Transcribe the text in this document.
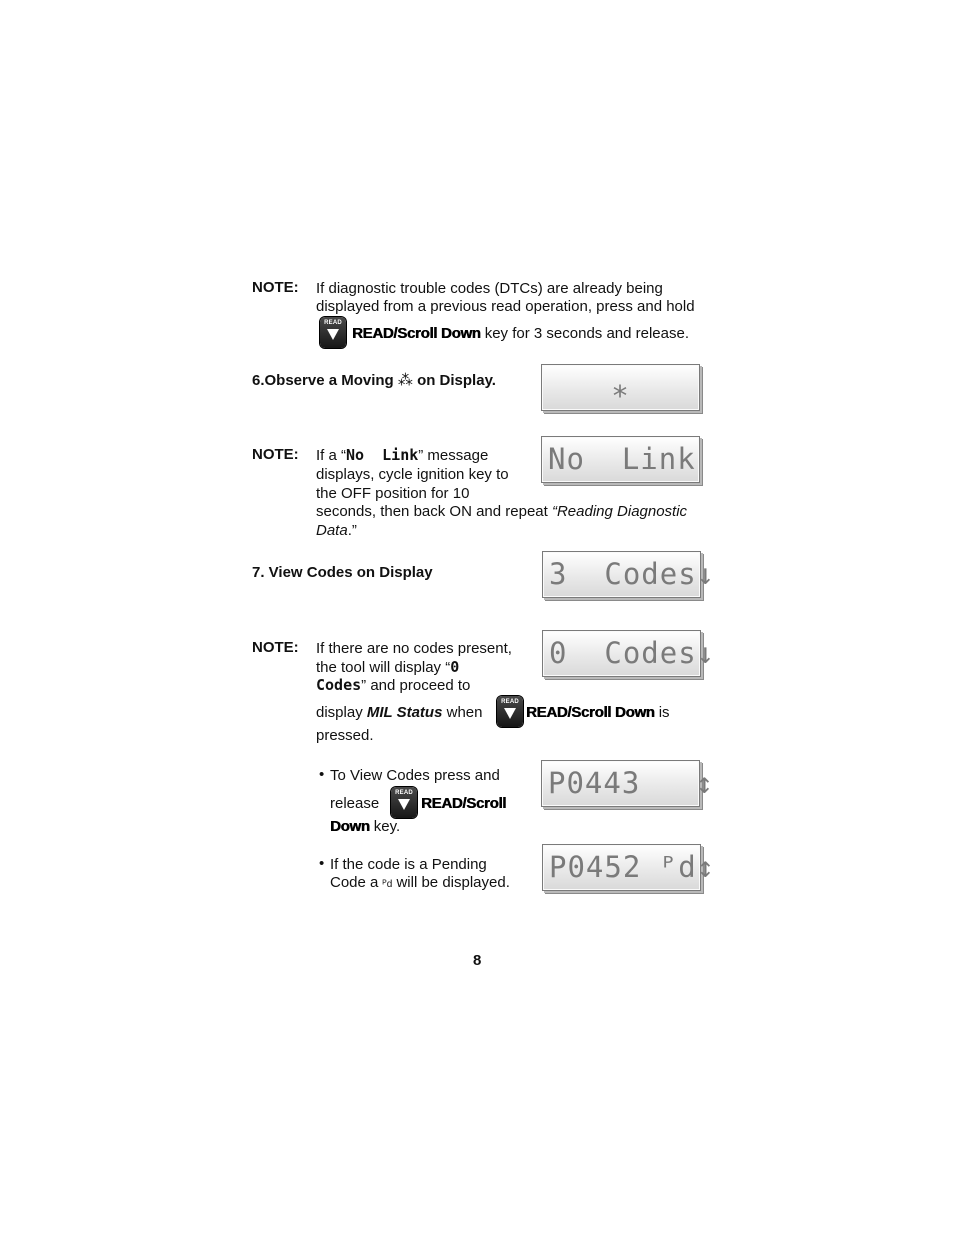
NOTE: If diagnostic trouble codes (DTCs) are already being
displayed from a previous read operation, press and hold
READ
READ/Scroll Down key for 3 seconds and release.
6.Observe a Moving ⁂ on Display.	⁎
NOTE: If a “No  Link” message
displays, cycle ignition key to
the OFF position for 10
seconds, then back ON and repeat “Reading Diagnostic
Data.”
No  Link
7. View Codes on Display	3  Codes↓
NOTE: If there are no codes present,
the tool will display “0
Codes” and proceed to
display MIL Status when
READ
READ/Scroll Down is
pressed.
0  Codes↓
• To View Codes press and
release
READ
READ/Scroll
Down key.
P0443   ↕
• If the code is a Pending
Code a ᴾd will be displayed. P0452 ᴾd↕
8
